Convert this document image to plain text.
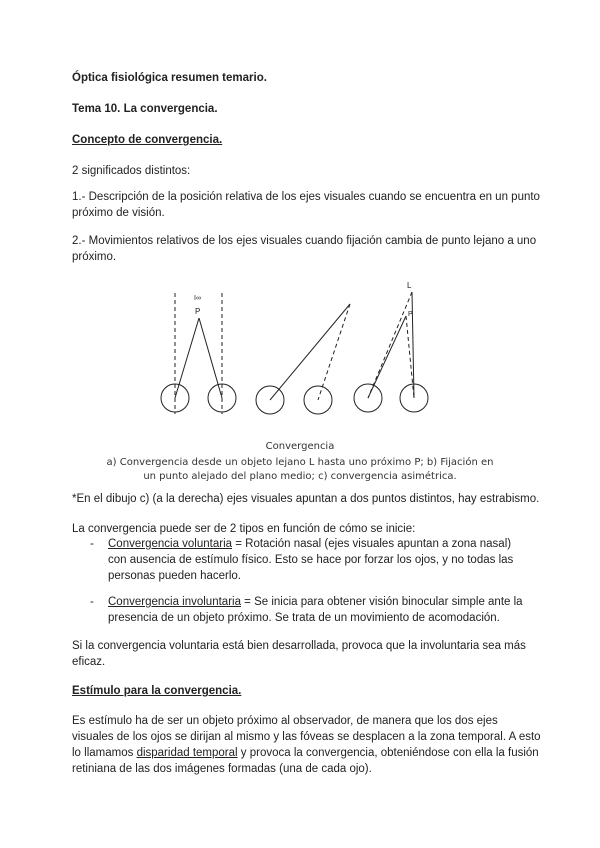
Óptica fisiológica resumen temario.

Tema 10. La convergencia.

Concepto de convergencia.

2 significados distintos:

1.- Descripción de la posición relativa de los ejes visuales cuando se encuentra en un punto próximo de visión.

2.- Movimientos relativos de los ejes visuales cuando fijación cambia de punto lejano a uno próximo.

I∞
P
L
P
Convergencia
a) Convergencia desde un objeto lejano L hasta uno próximo P; b) Fijación en
un punto alejado del plano medio; c) convergencia asimétrica.

*En el dibujo c) (a la derecha) ejes visuales apuntan a dos puntos distintos, hay estrabismo.

La convergencia puede ser de 2 tipos en función de cómo se inicie:

- Convergencia voluntaria = Rotación nasal (ejes visuales apuntan a zona nasal) con ausencia de estímulo físico. Esto se hace por forzar los ojos, y no todas las personas pueden hacerlo.
- Convergencia involuntaria = Se inicia para obtener visión binocular simple ante la presencia de un objeto próximo. Se trata de un movimiento de acomodación.

Si la convergencia voluntaria está bien desarrollada, provoca que la involuntaria sea más eficaz.

Estímulo para la convergencia.

Es estímulo ha de ser un objeto próximo al observador, de manera que los dos ejes visuales de los ojos se dirijan al mismo y las fóveas se desplacen a la zona temporal. A esto lo llamamos disparidad temporal y provoca la convergencia, obteniéndose con ella la fusión retiniana de las dos imágenes formadas (una de cada ojo).
